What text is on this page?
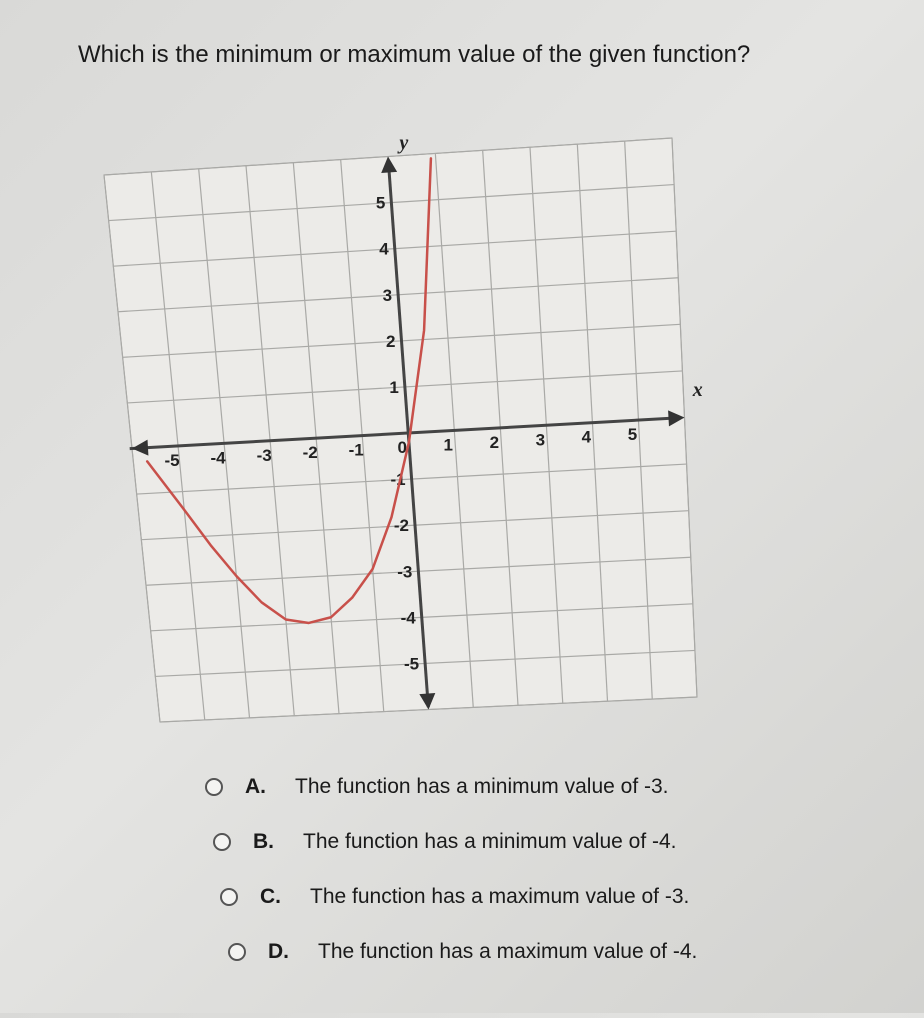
Which is the minimum or maximum value of the given function?
x
y
-5 -4 -3 -2 -1 0 1 2 3 4 5
5
4
3
2
1
-1
-2
-3
-4
-5
A.	The function has a minimum value of -3.
B.	The function has a minimum value of -4.
C.	The function has a maximum value of -3.
D.	The function has a maximum value of -4.
